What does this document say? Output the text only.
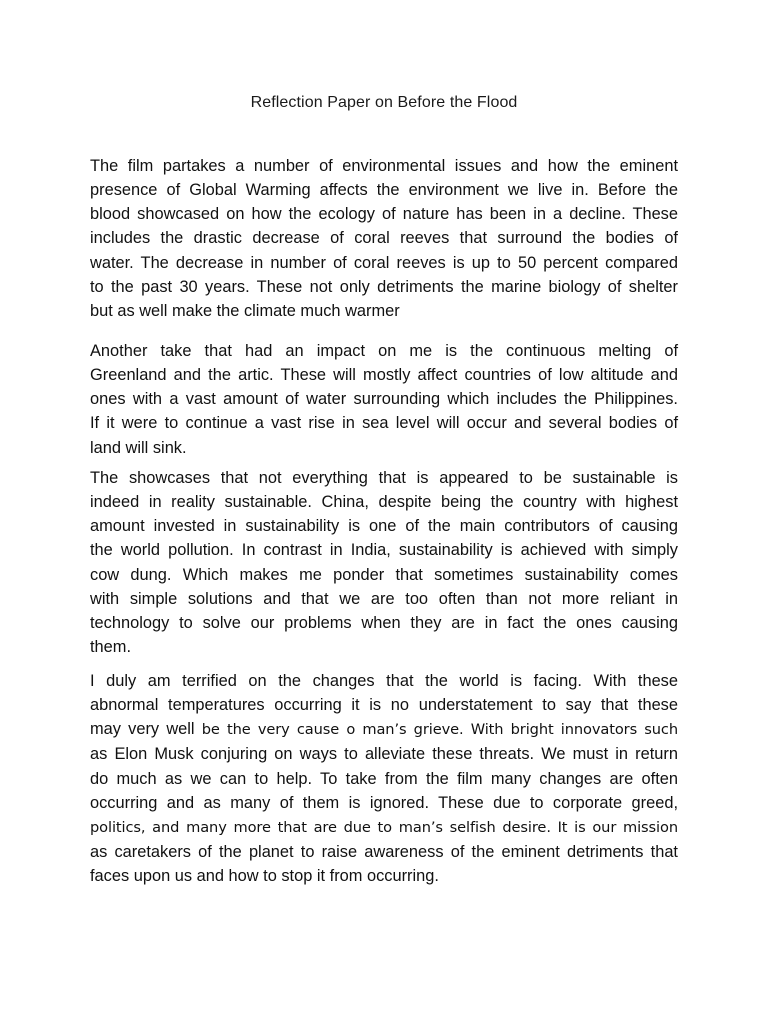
Reflection Paper on Before the Flood
The film partakes a number of environmental issues and how the eminent
presence of Global Warming affects the environment we live in. Before the
blood showcased on how the ecology of nature has been in a decline. These
includes the drastic decrease of coral reeves that surround the bodies of
water. The decrease in number of coral reeves is up to 50 percent compared
to the past 30 years. These not only detriments the marine biology of shelter
but as well make the climate much warmer
Another take that had an impact on me is the continuous melting of
Greenland and the artic. These will mostly affect countries of low altitude and
ones with a vast amount of water surrounding which includes the Philippines.
If it were to continue a vast rise in sea level will occur and several bodies of
land will sink.
The showcases that not everything that is appeared to be sustainable is
indeed in reality sustainable. China, despite being the country with highest
amount invested in sustainability is one of the main contributors of causing
the world pollution. In contrast in India, sustainability is achieved with simply
cow dung. Which makes me ponder that sometimes sustainability comes
with simple solutions and that we are too often than not more reliant in
technology to solve our problems when they are in fact the ones causing
them.
I duly am terrified on the changes that the world is facing. With these
abnormal temperatures occurring it is no understatement to say that these
may very well be the very cause o man’s grieve. With bright innovators such
as Elon Musk conjuring on ways to alleviate these threats. We must in return
do much as we can to help. To take from the film many changes are often
occurring and as many of them is ignored. These due to corporate greed,
politics, and many more that are due to man’s selfish desire. It is our mission
as caretakers of the planet to raise awareness of the eminent detriments that
faces upon us and how to stop it from occurring.
